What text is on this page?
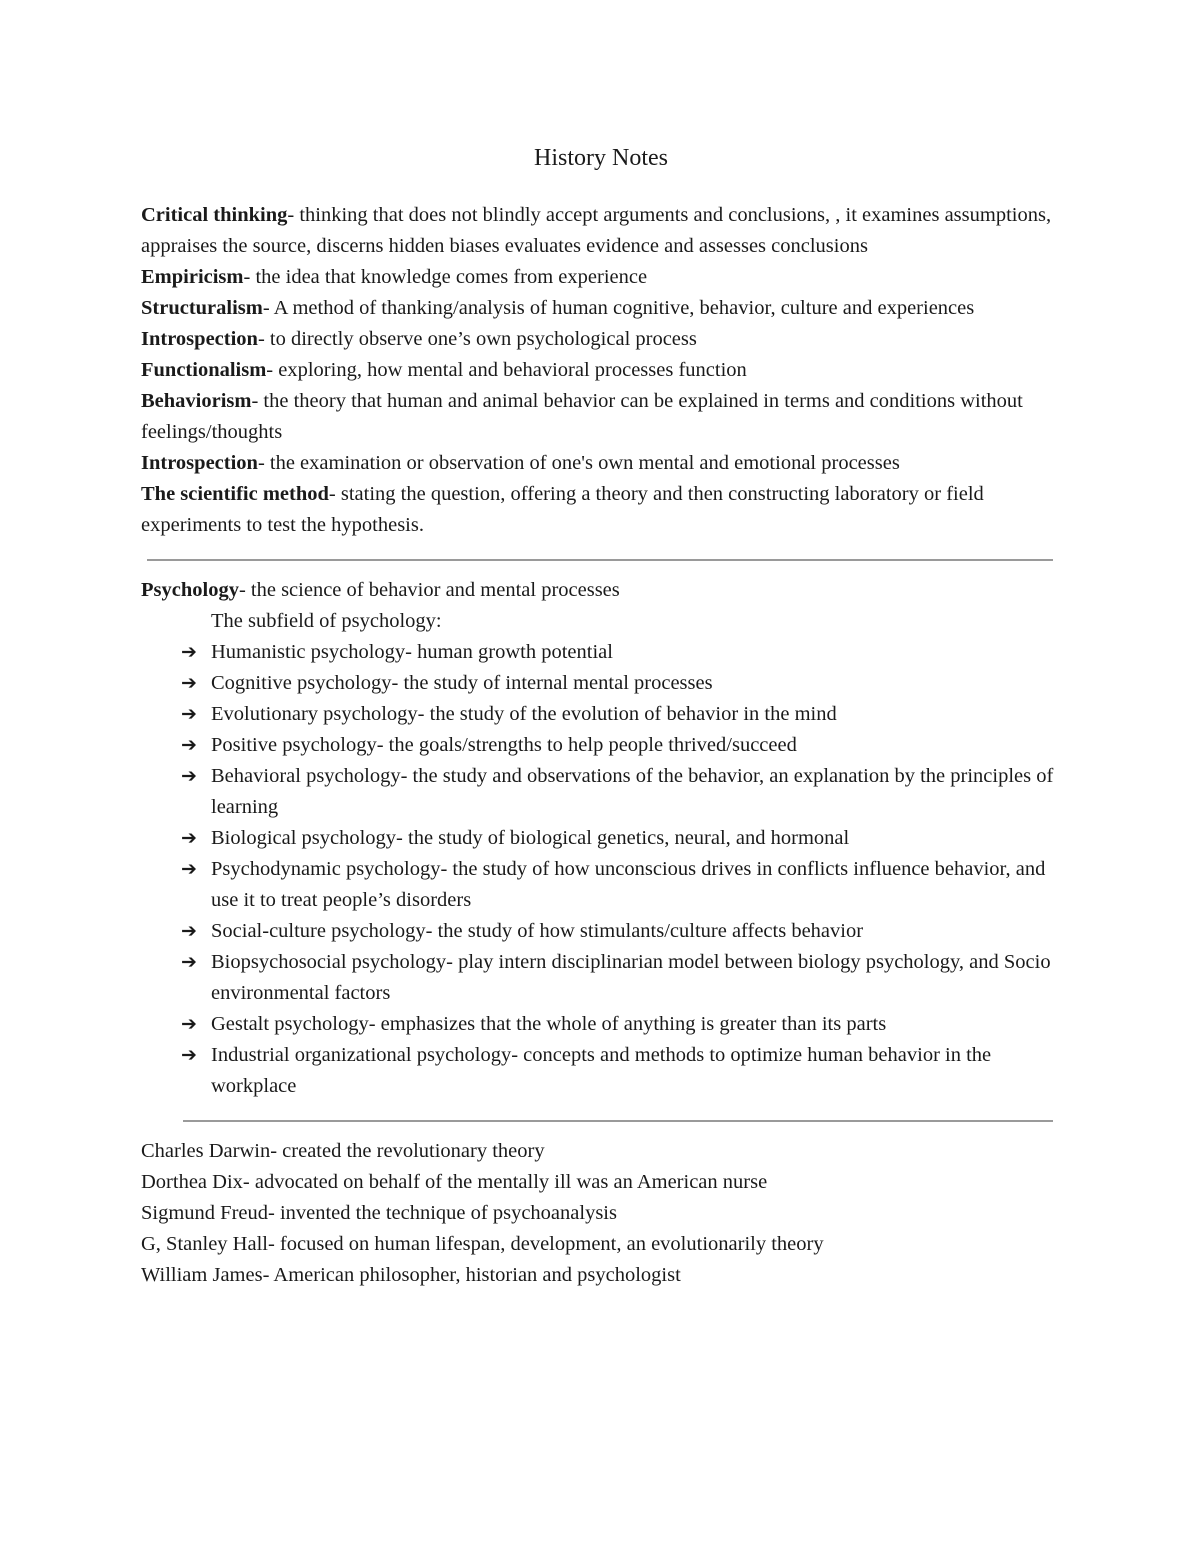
History Notes

Critical thinking- thinking that does not blindly accept arguments and conclusions, , it examines assumptions, appraises the source, discerns hidden biases evaluates evidence and assesses conclusions

Empiricism- the idea that knowledge comes from experience

Structuralism- A method of thanking/analysis of human cognitive, behavior, culture and experiences

Introspection- to directly observe one’s own psychological process

Functionalism- exploring, how mental and behavioral processes function

Behaviorism- the theory that human and animal behavior can be explained in terms and conditions without feelings/thoughts

Introspection- the examination or observation of one's own mental and emotional processes

The scientific method- stating the question, offering a theory and then constructing laboratory or field experiments to test the hypothesis.

Psychology- the science of behavior and mental processes

The subfield of psychology:

➔ Humanistic psychology- human growth potential
➔ Cognitive psychology- the study of internal mental processes
➔ Evolutionary psychology- the study of the evolution of behavior in the mind
➔ Positive psychology- the goals/strengths to help people thrived/succeed
➔ Behavioral psychology- the study and observations of the behavior, an explanation by the principles of learning
➔ Biological psychology- the study of biological genetics, neural, and hormonal
➔ Psychodynamic psychology- the study of how unconscious drives in conflicts influence behavior, and use it to treat people’s disorders
➔ Social-culture psychology- the study of how stimulants/culture affects behavior
➔ Biopsychosocial psychology- play intern disciplinarian model between biology psychology, and Socio environmental factors
➔ Gestalt psychology- emphasizes that the whole of anything is greater than its parts
➔ Industrial organizational psychology- concepts and methods to optimize human behavior in the workplace

Charles Darwin- created the revolutionary theory

Dorthea Dix- advocated on behalf of the mentally ill was an American nurse

Sigmund Freud- invented the technique of psychoanalysis

G, Stanley Hall- focused on human lifespan, development, an evolutionarily theory

William James- American philosopher, historian and psychologist
